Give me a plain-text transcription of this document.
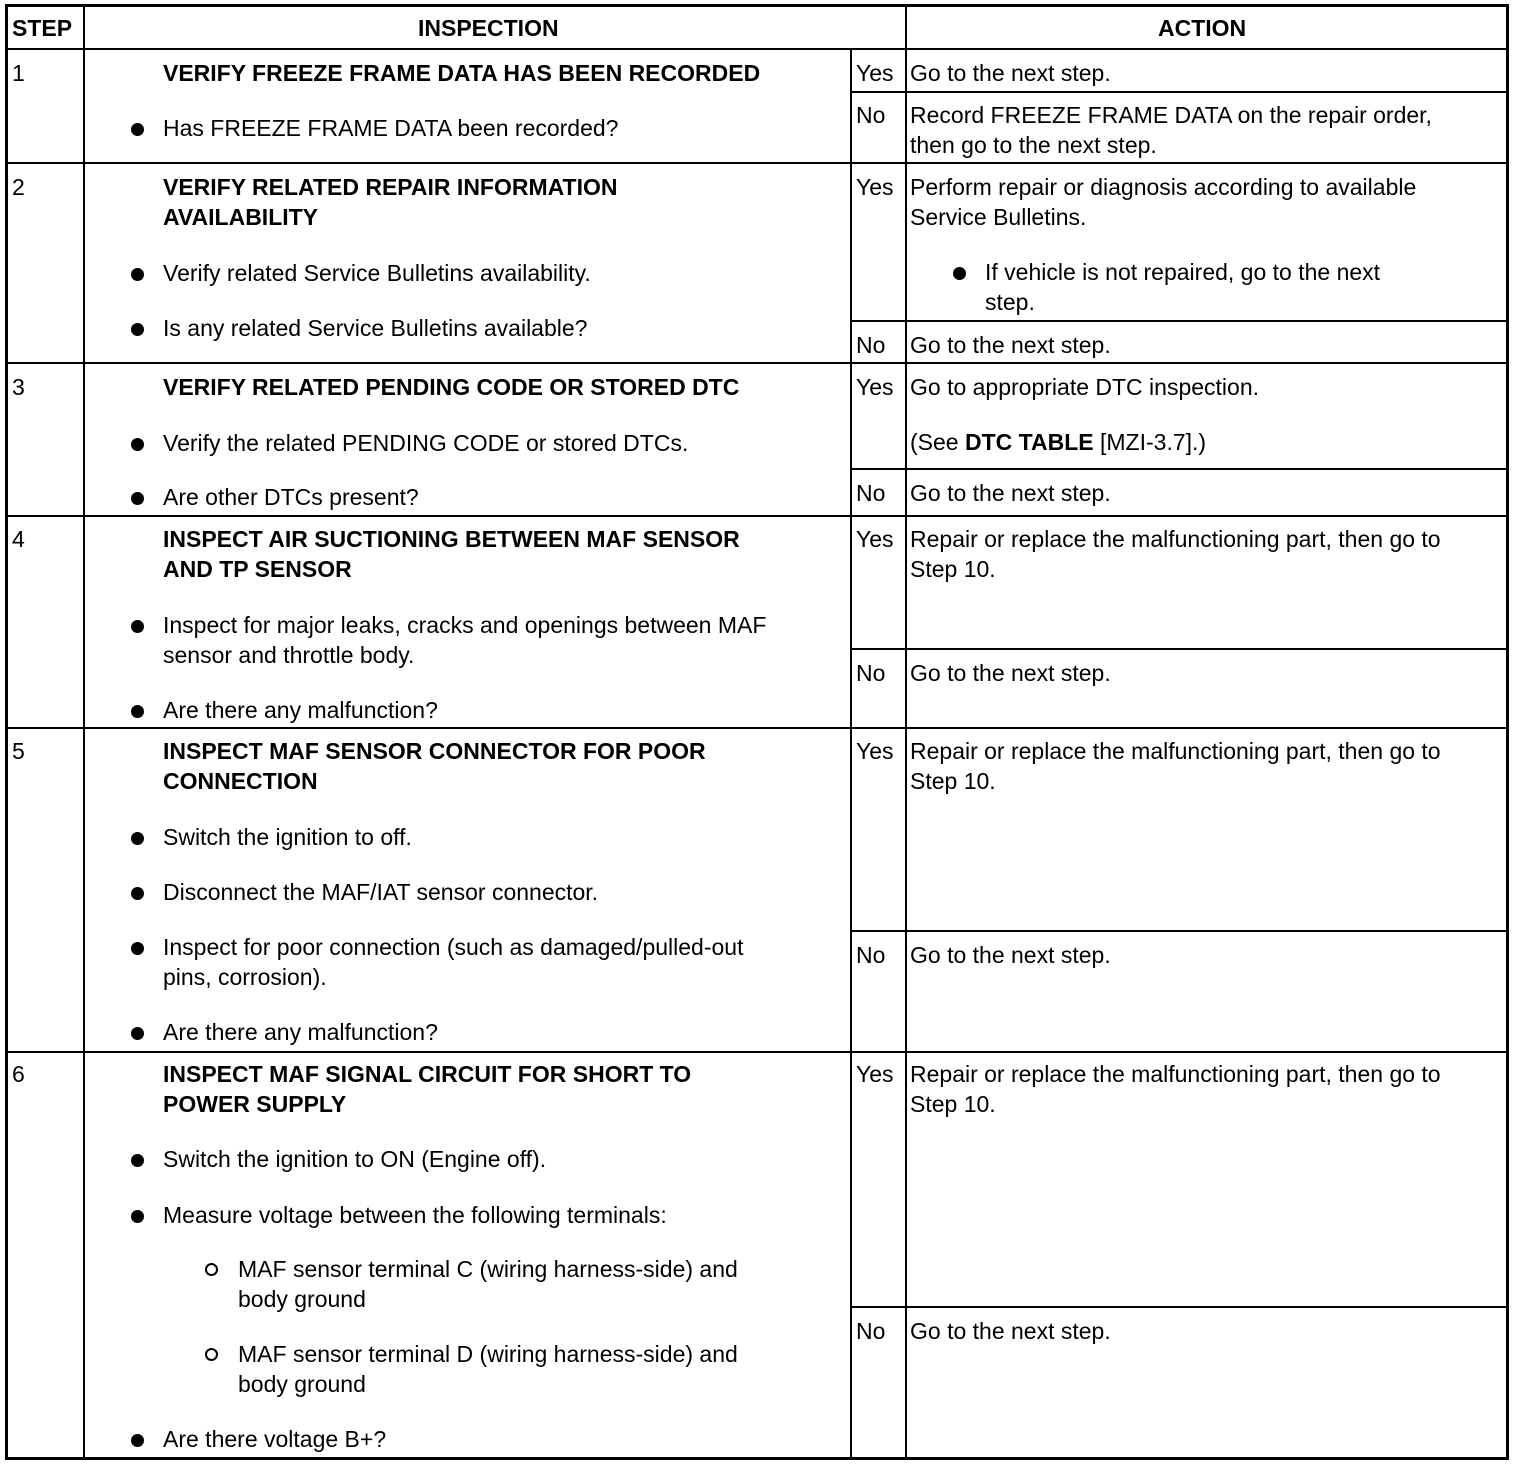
STEP	INSPECTION	ACTION
1	VERIFY FREEZE FRAME DATA HAS BEEN RECORDED
Has FREEZE FRAME DATA been recorded?
Yes Go to the next step.
No Record FREEZE FRAME DATA on the repair order,
then go to the next step.
2	VERIFY RELATED REPAIR INFORMATION
AVAILABILITY
Verify related Service Bulletins availability.
Is any related Service Bulletins available?
Yes Perform repair or diagnosis according to available
Service Bulletins.
If vehicle is not repaired, go to the next
step.
No Go to the next step.
3	VERIFY RELATED PENDING CODE OR STORED DTC
Verify the related PENDING CODE or stored DTCs.
Are other DTCs present?
Yes Go to appropriate DTC inspection.
(See DTC TABLE [MZI-3.7].)
No Go to the next step.
4	INSPECT AIR SUCTIONING BETWEEN MAF SENSOR
AND TP SENSOR
Inspect for major leaks, cracks and openings between MAF
sensor and throttle body.
Are there any malfunction?
Yes Repair or replace the malfunctioning part, then go to
Step 10.
No Go to the next step.
5	INSPECT MAF SENSOR CONNECTOR FOR POOR
CONNECTION
Switch the ignition to off.
Disconnect the MAF/IAT sensor connector.
Inspect for poor connection (such as damaged/pulled-out
pins, corrosion).
Are there any malfunction?
Yes Repair or replace the malfunctioning part, then go to
Step 10.
No Go to the next step.
6	INSPECT MAF SIGNAL CIRCUIT FOR SHORT TO
POWER SUPPLY
Switch the ignition to ON (Engine off).
Measure voltage between the following terminals:
MAF sensor terminal C (wiring harness-side) and
body ground
MAF sensor terminal D (wiring harness-side) and
body ground
Are there voltage B+?
Yes Repair or replace the malfunctioning part, then go to
Step 10.
No Go to the next step.
